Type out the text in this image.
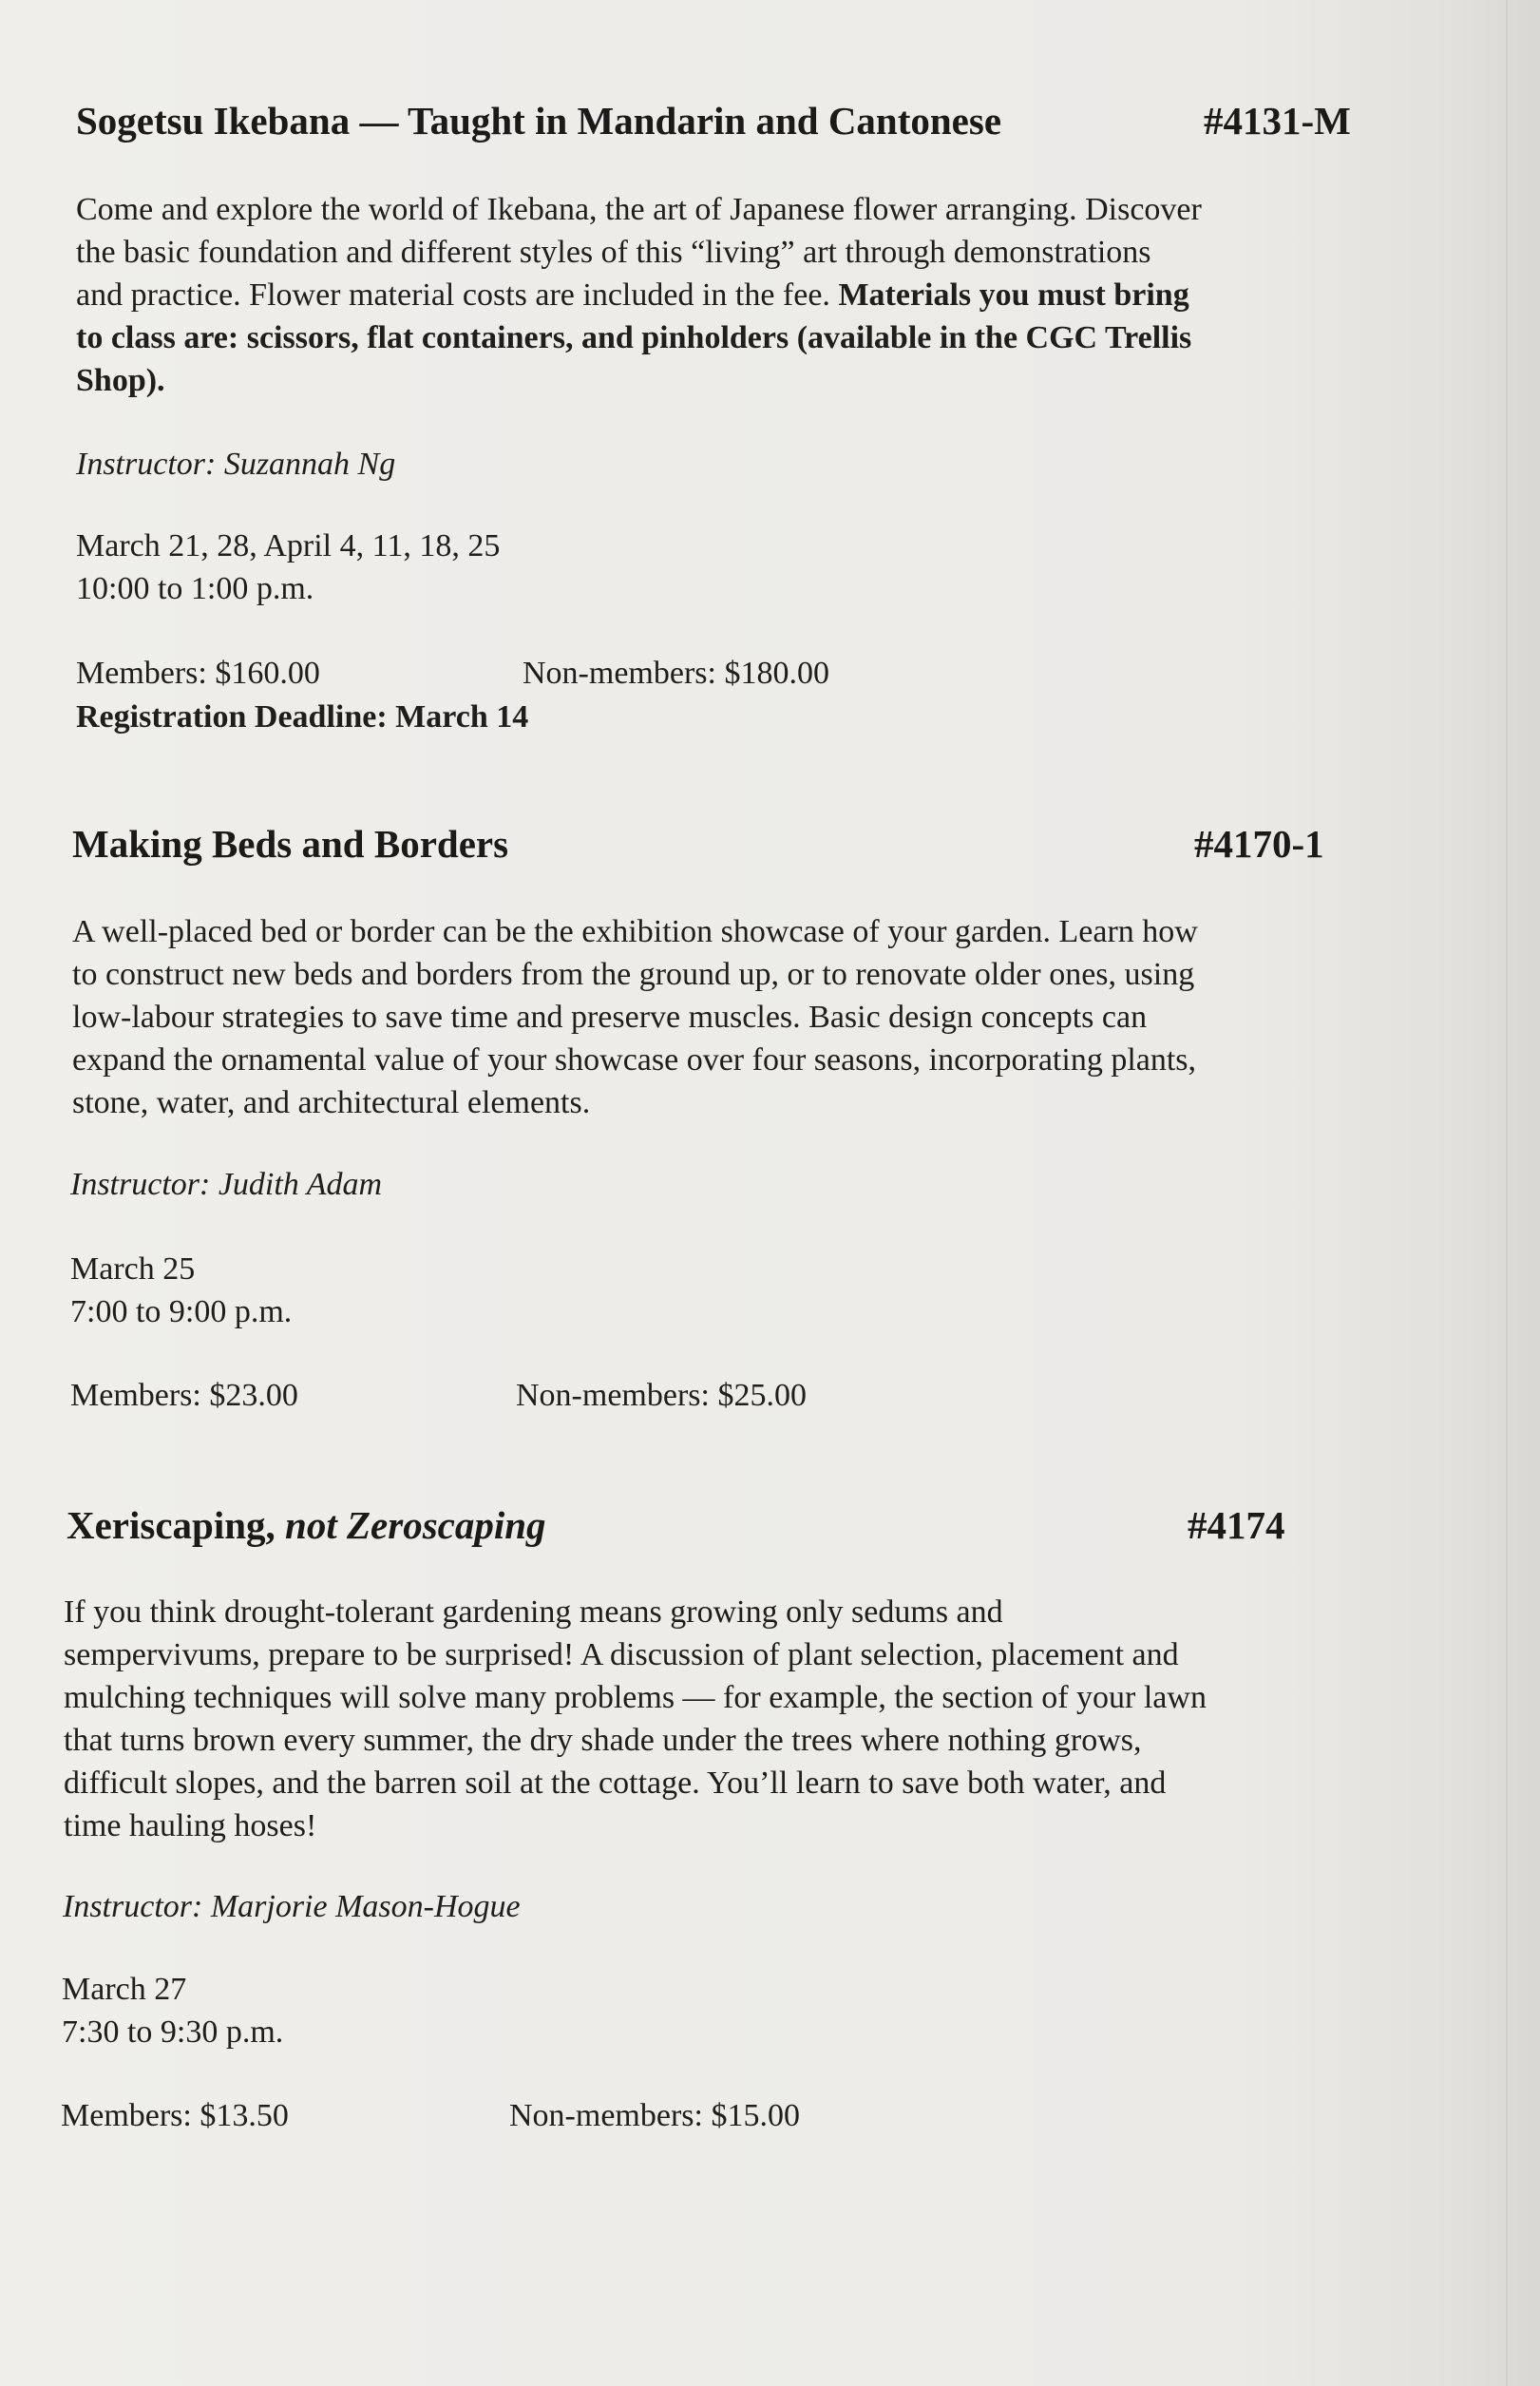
Sogetsu Ikebana — Taught in Mandarin and Cantonese	#4131-M
Come and explore the world of Ikebana, the art of Japanese flower arranging. Discover
the basic foundation and different styles of this “living” art through demonstrations
and practice. Flower material costs are included in the fee. Materials you must bring
to class are: scissors, flat containers, and pinholders (available in the CGC Trellis
Shop).
Instructor: Suzannah Ng
March 21, 28, April 4, 11, 18, 25
10:00 to 1:00 p.m.
Members: $160.00	Non-members: $180.00
Registration Deadline: March 14
Making Beds and Borders	#4170-1
A well-placed bed or border can be the exhibition showcase of your garden. Learn how
to construct new beds and borders from the ground up, or to renovate older ones, using
low-labour strategies to save time and preserve muscles. Basic design concepts can
expand the ornamental value of your showcase over four seasons, incorporating plants,
stone, water, and architectural elements.
Instructor: Judith Adam
March 25
7:00 to 9:00 p.m.
Members: $23.00	Non-members: $25.00
Xeriscaping, not Zeroscaping	#4174
If you think drought-tolerant gardening means growing only sedums and
sempervivums, prepare to be surprised! A discussion of plant selection, placement and
mulching techniques will solve many problems — for example, the section of your lawn
that turns brown every summer, the dry shade under the trees where nothing grows,
difficult slopes, and the barren soil at the cottage. You’ll learn to save both water, and
time hauling hoses!
Instructor: Marjorie Mason-Hogue
March 27
7:30 to 9:30 p.m.
Members: $13.50	Non-members: $15.00
